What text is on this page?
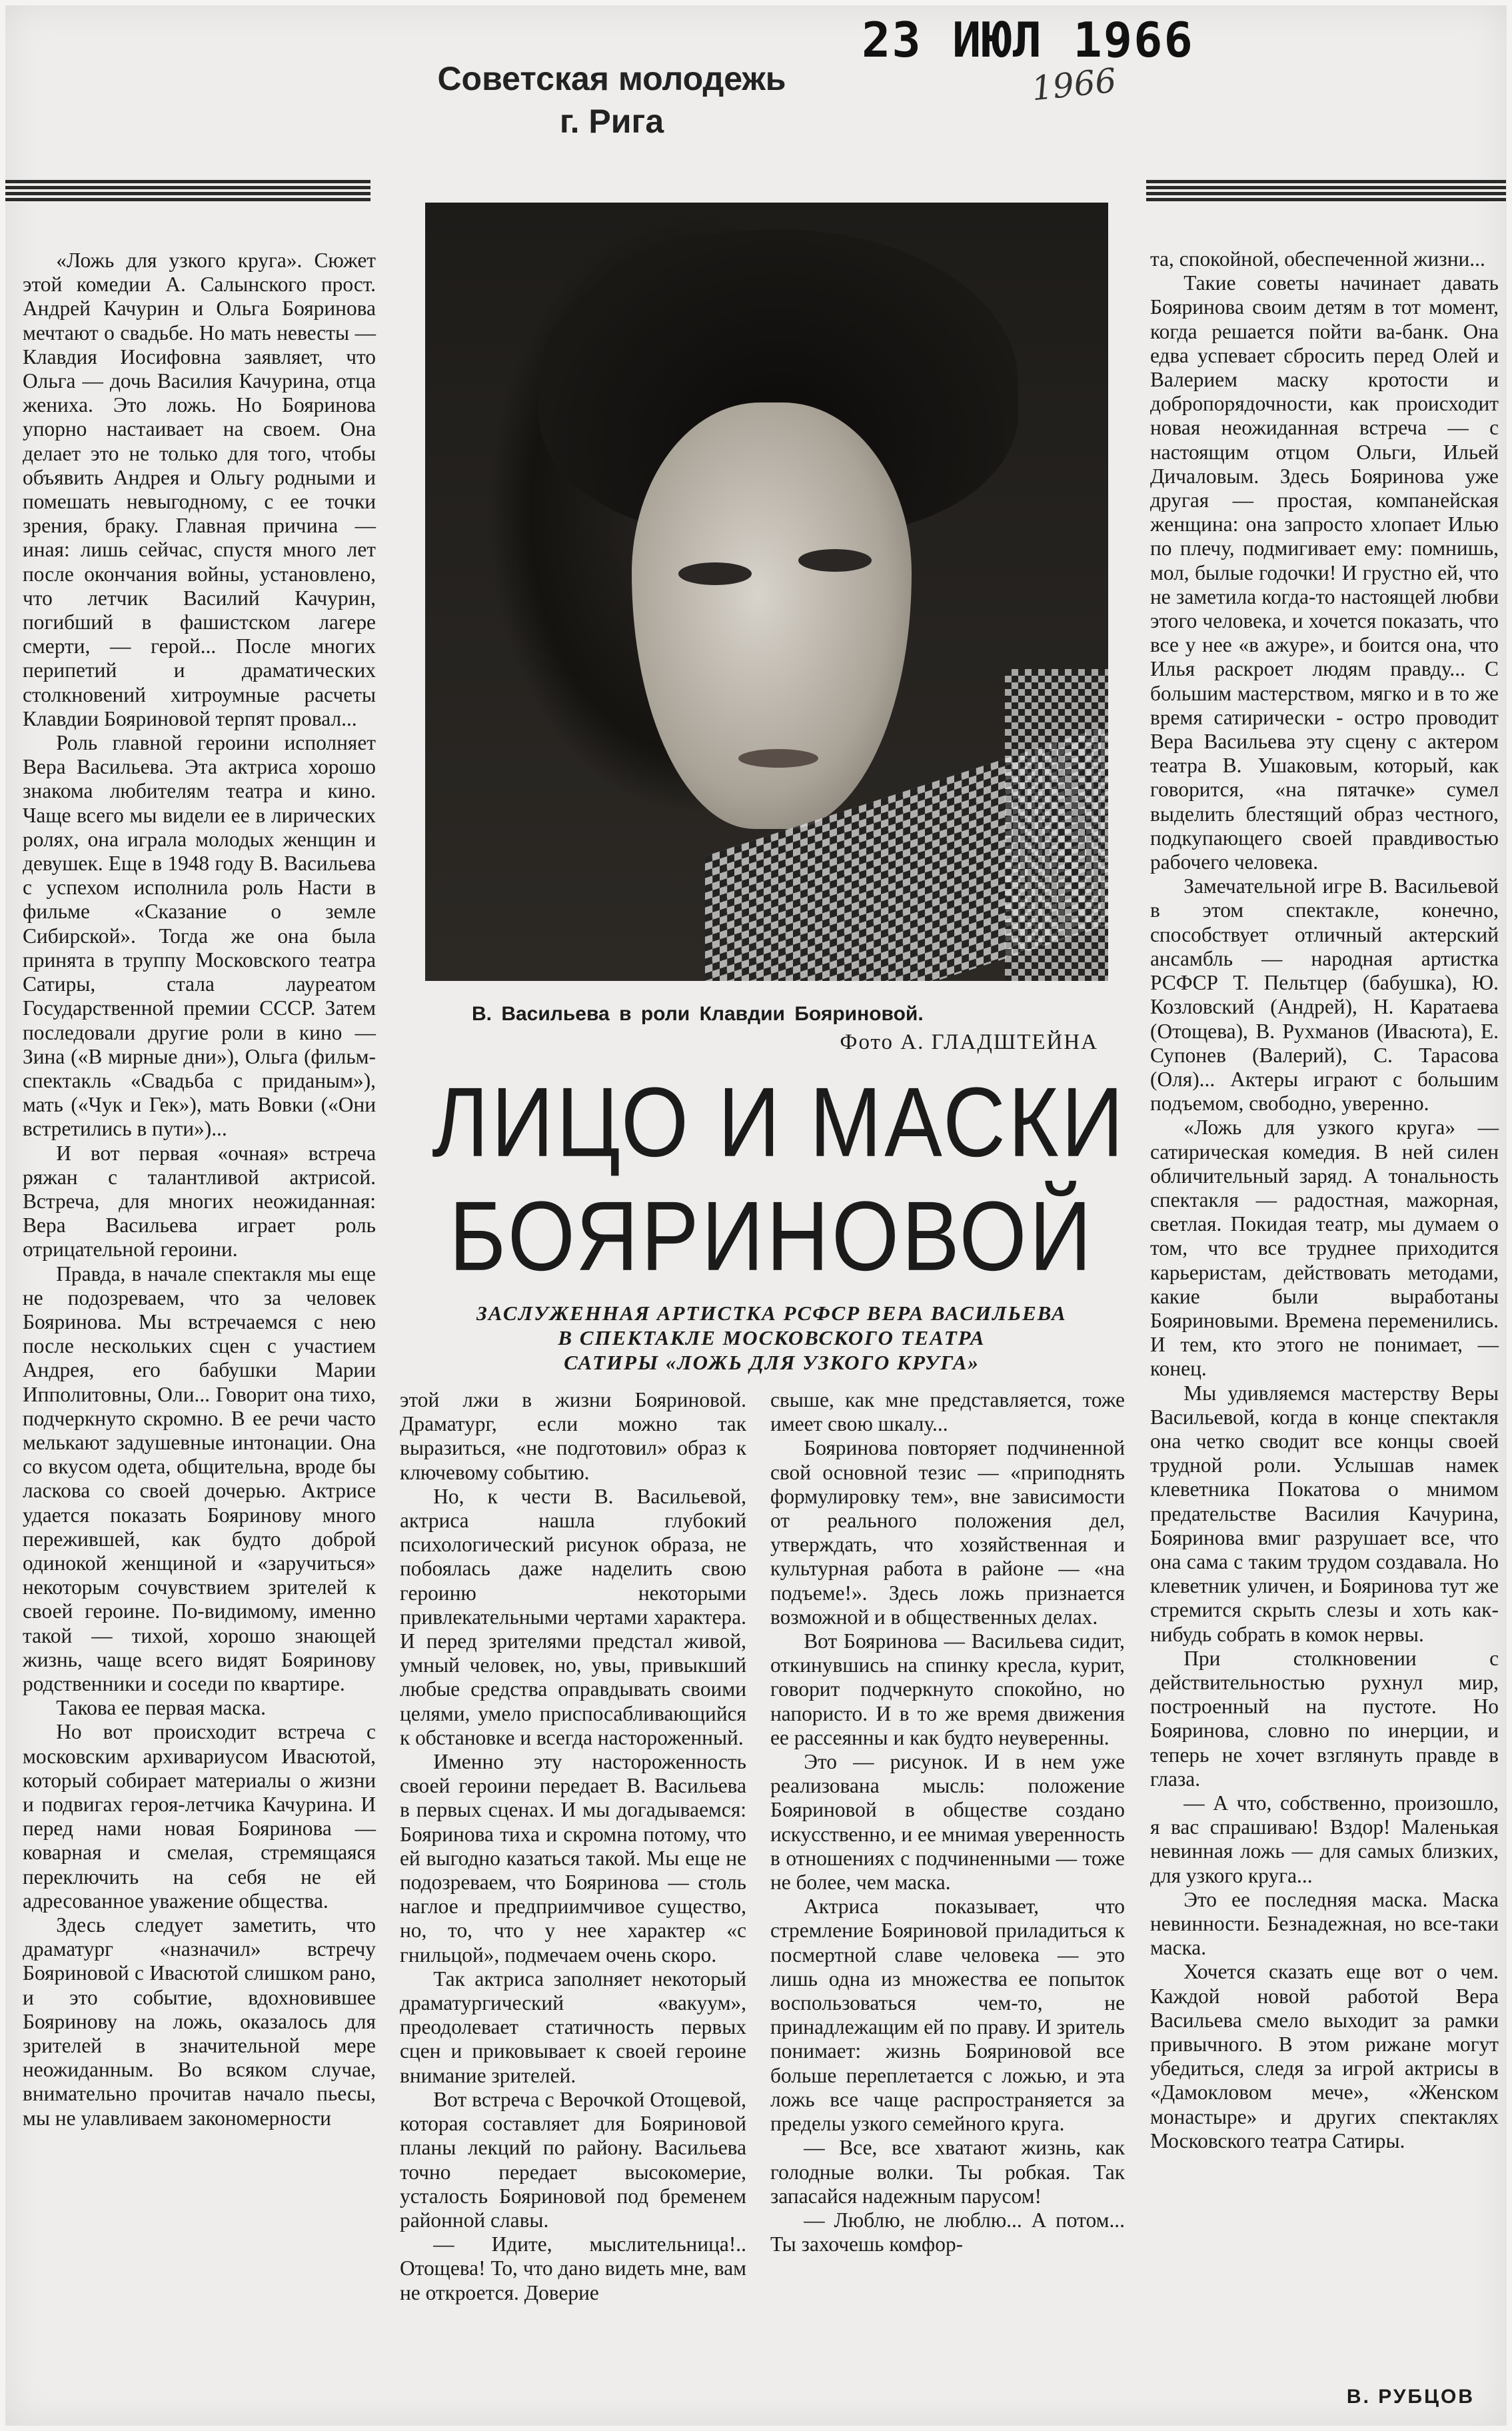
23 ИЮЛ 1966
1966
Советская молодежь
г. Рига
В. Васильева в роли Клавдии Бояриновой.
Фото А. ГЛАДШТЕЙНА
ЛИЦО И МАСКИ
БОЯРИНОВОЙ
ЗАСЛУЖЕННАЯ АРТИСТКА РСФСР ВЕРА ВАСИЛЬЕВА
В СПЕКТАКЛЕ МОСКОВСКОГО ТЕАТРА
САТИРЫ «ЛОЖЬ ДЛЯ УЗКОГО КРУГА»

«Ложь для узкого круга». Сюжет этой комедии А. Салынского прост. Андрей Качурин и Ольга Бояринова мечтают о свадьбе. Но мать невесты — Клавдия Иосифовна заявляет, что Ольга — дочь Василия Качурина, отца жениха. Это ложь. Но Бояринова упорно настаивает на своем. Она делает это не только для того, чтобы объявить Андрея и Ольгу родными и помешать невыгодному, с ее точки зрения, браку. Главная причина — иная: лишь сейчас, спустя много лет после окончания войны, установлено, что летчик Василий Качурин, погибший в фашистском лагере смерти, — герой... После многих перипетий и драматических столкновений хитроумные расчеты Клавдии Бояриновой терпят провал...

Роль главной героини исполняет Вера Васильева. Эта актриса хорошо знакома любителям театра и кино. Чаще всего мы видели ее в лирических ролях, она играла молодых женщин и девушек. Еще в 1948 году В. Васильева с успехом исполнила роль Насти в фильме «Сказание о земле Сибирской». Тогда же она была принята в труппу Московского театра Сатиры, стала лауреатом Государственной премии СССР. Затем последовали другие роли в кино — Зина («В мирные дни»), Ольга (фильм-спектакль «Свадьба с приданым»), мать («Чук и Гек»), мать Вовки («Они встретились в пути»)...

И вот первая «очная» встреча ряжан с талантливой актрисой. Встреча, для многих неожиданная: Вера Васильева играет роль отрицательной героини.

Правда, в начале спектакля мы еще не подозреваем, что за человек Бояринова. Мы встречаемся с нею после нескольких сцен с участием Андрея, его бабушки Марии Ипполитовны, Оли... Говорит она тихо, подчеркнуто скромно. В ее речи часто мелькают задушевные интонации. Она со вкусом одета, общительна, вроде бы ласкова со своей дочерью. Актрисе удается показать Бояринову много пережившей, как будто доброй одинокой женщиной и «заручиться» некоторым сочувствием зрителей к своей героине. По-видимому, именно такой — тихой, хорошо знающей жизнь, чаще всего видят Бояринову родственники и соседи по квартире.

Такова ее первая маска.

Но вот происходит встреча с московским архивариусом Ивасютой, который собирает материалы о жизни и подвигах героя-летчика Качурина. И перед нами новая Бояринова — коварная и смелая, стремящаяся переключить на себя не ей адресованное уважение общества.

Здесь следует заметить, что драматург «назначил» встречу Бояриновой с Ивасютой слишком рано, и это событие, вдохновившее Бояринову на ложь, оказалось для зрителей в значительной мере неожиданным. Во всяком случае, внимательно прочитав начало пьесы, мы не улавливаем закономерности

этой лжи в жизни Бояриновой. Драматург, если можно так выразиться, «не подготовил» образ к ключевому событию.

Но, к чести В. Васильевой, актриса нашла глубокий психологический рисунок образа, не побоялась даже наделить свою героиню некоторыми привлекательными чертами характера. И перед зрителями предстал живой, умный человек, но, увы, привыкший любые средства оправдывать своими целями, умело приспосабливающийся к обстановке и всегда настороженный.

Именно эту настороженность своей героини передает В. Васильева в первых сценах. И мы догадываемся: Бояринова тиха и скромна потому, что ей выгодно казаться такой. Мы еще не подозреваем, что Бояринова — столь наглое и предприимчивое существо, но, то, что у нее характер «с гнильцой», подмечаем очень скоро.

Так актриса заполняет некоторый драматургический «вакуум», преодолевает статичность первых сцен и приковывает к своей героине внимание зрителей.

Вот встреча с Верочкой Отощевой, которая составляет для Бояриновой планы лекций по району. Васильева точно передает высокомерие, усталость Бояриновой под бременем районной славы.

— Идите, мыслительница!.. Отощева! То, что дано видеть мне, вам не откроется. Доверие

свыше, как мне представляется, тоже имеет свою шкалу...

Бояринова повторяет подчиненной свой основной тезис — «приподнять формулировку тем», вне зависимости от реального положения дел, утверждать, что хозяйственная и культурная работа в районе — «на подъеме!». Здесь ложь признается возможной и в общественных делах.

Вот Бояринова — Васильева сидит, откинувшись на спинку кресла, курит, говорит подчеркнуто спокойно, но напористо. И в то же время движения ее рассеянны и как будто неуверенны.

Это — рисунок. И в нем уже реализована мысль: положение Бояриновой в обществе создано искусственно, и ее мнимая уверенность в отношениях с подчиненными — тоже не более, чем маска.

Актриса показывает, что стремление Бояриновой приладиться к посмертной славе человека — это лишь одна из множества ее попыток воспользоваться чем-то, не принадлежащим ей по праву. И зритель понимает: жизнь Бояриновой все больше переплетается с ложью, и эта ложь все чаще распространяется за пределы узкого семейного круга.

— Все, все хватают жизнь, как голодные волки. Ты робкая. Так запасайся надежным парусом!

— Люблю, не люблю... А потом... Ты захочешь комфор-

та, спокойной, обеспеченной жизни...

Такие советы начинает давать Бояринова своим детям в тот момент, когда решается пойти ва-банк. Она едва успевает сбросить перед Олей и Валерием маску кротости и добропорядочности, как происходит новая неожиданная встреча — с настоящим отцом Ольги, Ильей Дичаловым. Здесь Бояринова уже другая — простая, компанейская женщина: она запросто хлопает Илью по плечу, подмигивает ему: помнишь, мол, былые годочки! И грустно ей, что не заметила когда-то настоящей любви этого человека, и хочется показать, что все у нее «в ажуре», и боится она, что Илья раскроет людям правду... С большим мастерством, мягко и в то же время сатирически - остро проводит Вера Васильева эту сцену с актером театра В. Ушаковым, который, как говорится, «на пятачке» сумел выделить блестящий образ честного, подкупающего своей правдивостью рабочего человека.

Замечательной игре В. Васильевой в этом спектакле, конечно, способствует отличный актерский ансамбль — народная артистка РСФСР Т. Пельтцер (бабушка), Ю. Козловский (Андрей), Н. Каратаева (Отощева), В. Рухманов (Ивасюта), Е. Супонев (Валерий), С. Тарасова (Оля)... Актеры играют с большим подъемом, свободно, уверенно.

«Ложь для узкого круга» — сатирическая комедия. В ней силен обличительный заряд. А тональность спектакля — радостная, мажорная, светлая. Покидая театр, мы думаем о том, что все труднее приходится карьеристам, действовать методами, какие были выработаны Бояриновыми. Времена переменились. И тем, кто этого не понимает, — конец.

Мы удивляемся мастерству Веры Васильевой, когда в конце спектакля она четко сводит все концы своей трудной роли. Услышав намек клеветника Покатова о мнимом предательстве Василия Качурина, Бояринова вмиг разрушает все, что она сама с таким трудом создавала. Но клеветник уличен, и Бояринова тут же стремится скрыть слезы и хоть как-нибудь собрать в комок нервы.

При столкновении с действительностью рухнул мир, построенный на пустоте. Но Бояринова, словно по инерции, и теперь не хочет взглянуть правде в глаза.

— А что, собственно, произошло, я вас спрашиваю! Вздор! Маленькая невинная ложь — для самых близких, для узкого круга...

Это ее последняя маска. Маска невинности. Безнадежная, но все-таки маска.

Хочется сказать еще вот о чем. Каждой новой работой Вера Васильева смело выходит за рамки привычного. В этом рижане могут убедиться, следя за игрой актрисы в «Дамокловом мече», «Женском монастыре» и других спектаклях Московского театра Сатиры.

В. РУБЦОВ
